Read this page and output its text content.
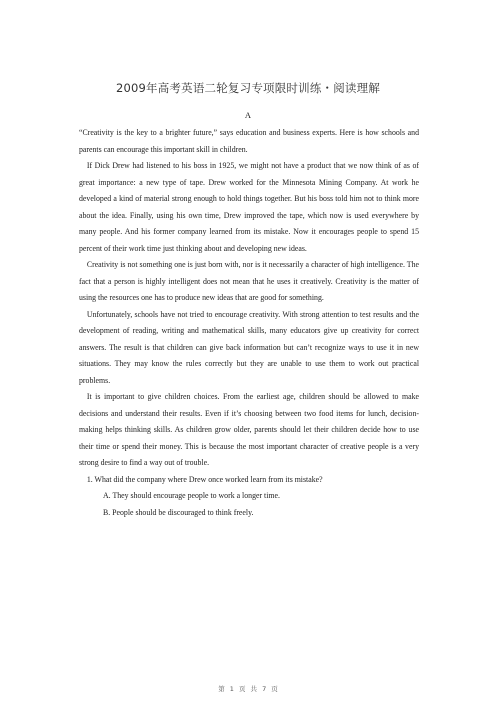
2009年高考英语二轮复习专项限时训练・阅读理解
A

“Creativity is the key to a brighter future,” says education and business experts. Here is how schools and parents can encourage this important skill in children.

If Dick Drew had listened to his boss in 1925, we might not have a product that we now think of as of great importance: a new type of tape. Drew worked for the Minnesota Mining Company. At work he developed a kind of material strong enough to hold things together. But his boss told him not to think more about the idea. Finally, using his own time, Drew improved the tape, which now is used everywhere by many people. And his former company learned from its mistake. Now it encourages people to spend 15 percent of their work time just thinking about and developing new ideas.

Creativity is not something one is just born with, nor is it necessarily a character of high intelligence. The fact that a person is highly intelligent does not mean that he uses it creatively. Creativity is the matter of using the resources one has to produce new ideas that are good for something.

Unfortunately, schools have not tried to encourage creativity. With strong attention to test results and the development of reading, writing and mathematical skills, many educators give up creativity for correct answers. The result is that children can give back information but can’t recognize ways to use it in new situations. They may know the rules correctly but they are unable to use them to work out practical problems.

It is important to give children choices. From the earliest age, children should be allowed to make decisions and understand their results. Even if it’s choosing between two food items for lunch, decision-making helps thinking skills. As children grow older, parents should let their children decide how to use their time or spend their money. This is because the most important character of creative people is a very strong desire to find a way out of trouble.

1. What did the company where Drew once worked learn from its mistake?

A. They should encourage people to work a longer time.

B. People should be discouraged to think freely.

第 1 页 共 7 页
